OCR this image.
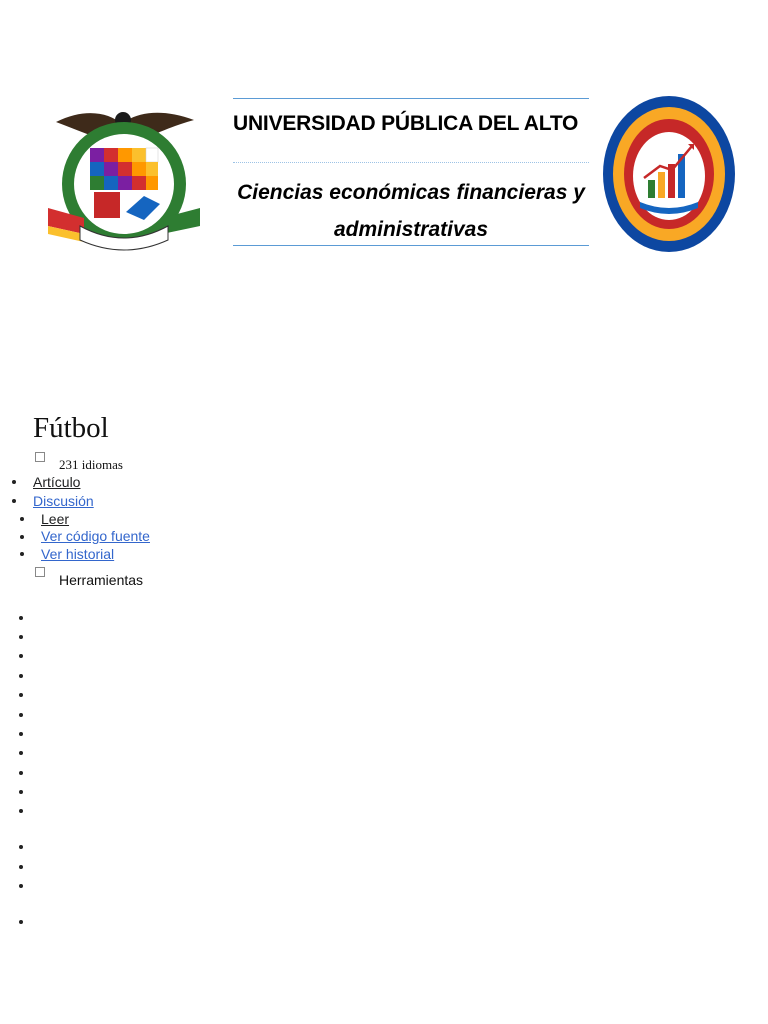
UNIVERSIDAD PÚBLICA DEL ALTO
Ciencias económicas financieras y
administrativas
Fútbol
231 idiomas
Artículo
Discusión
Leer
Ver código fuente
Ver historial
Herramientas
